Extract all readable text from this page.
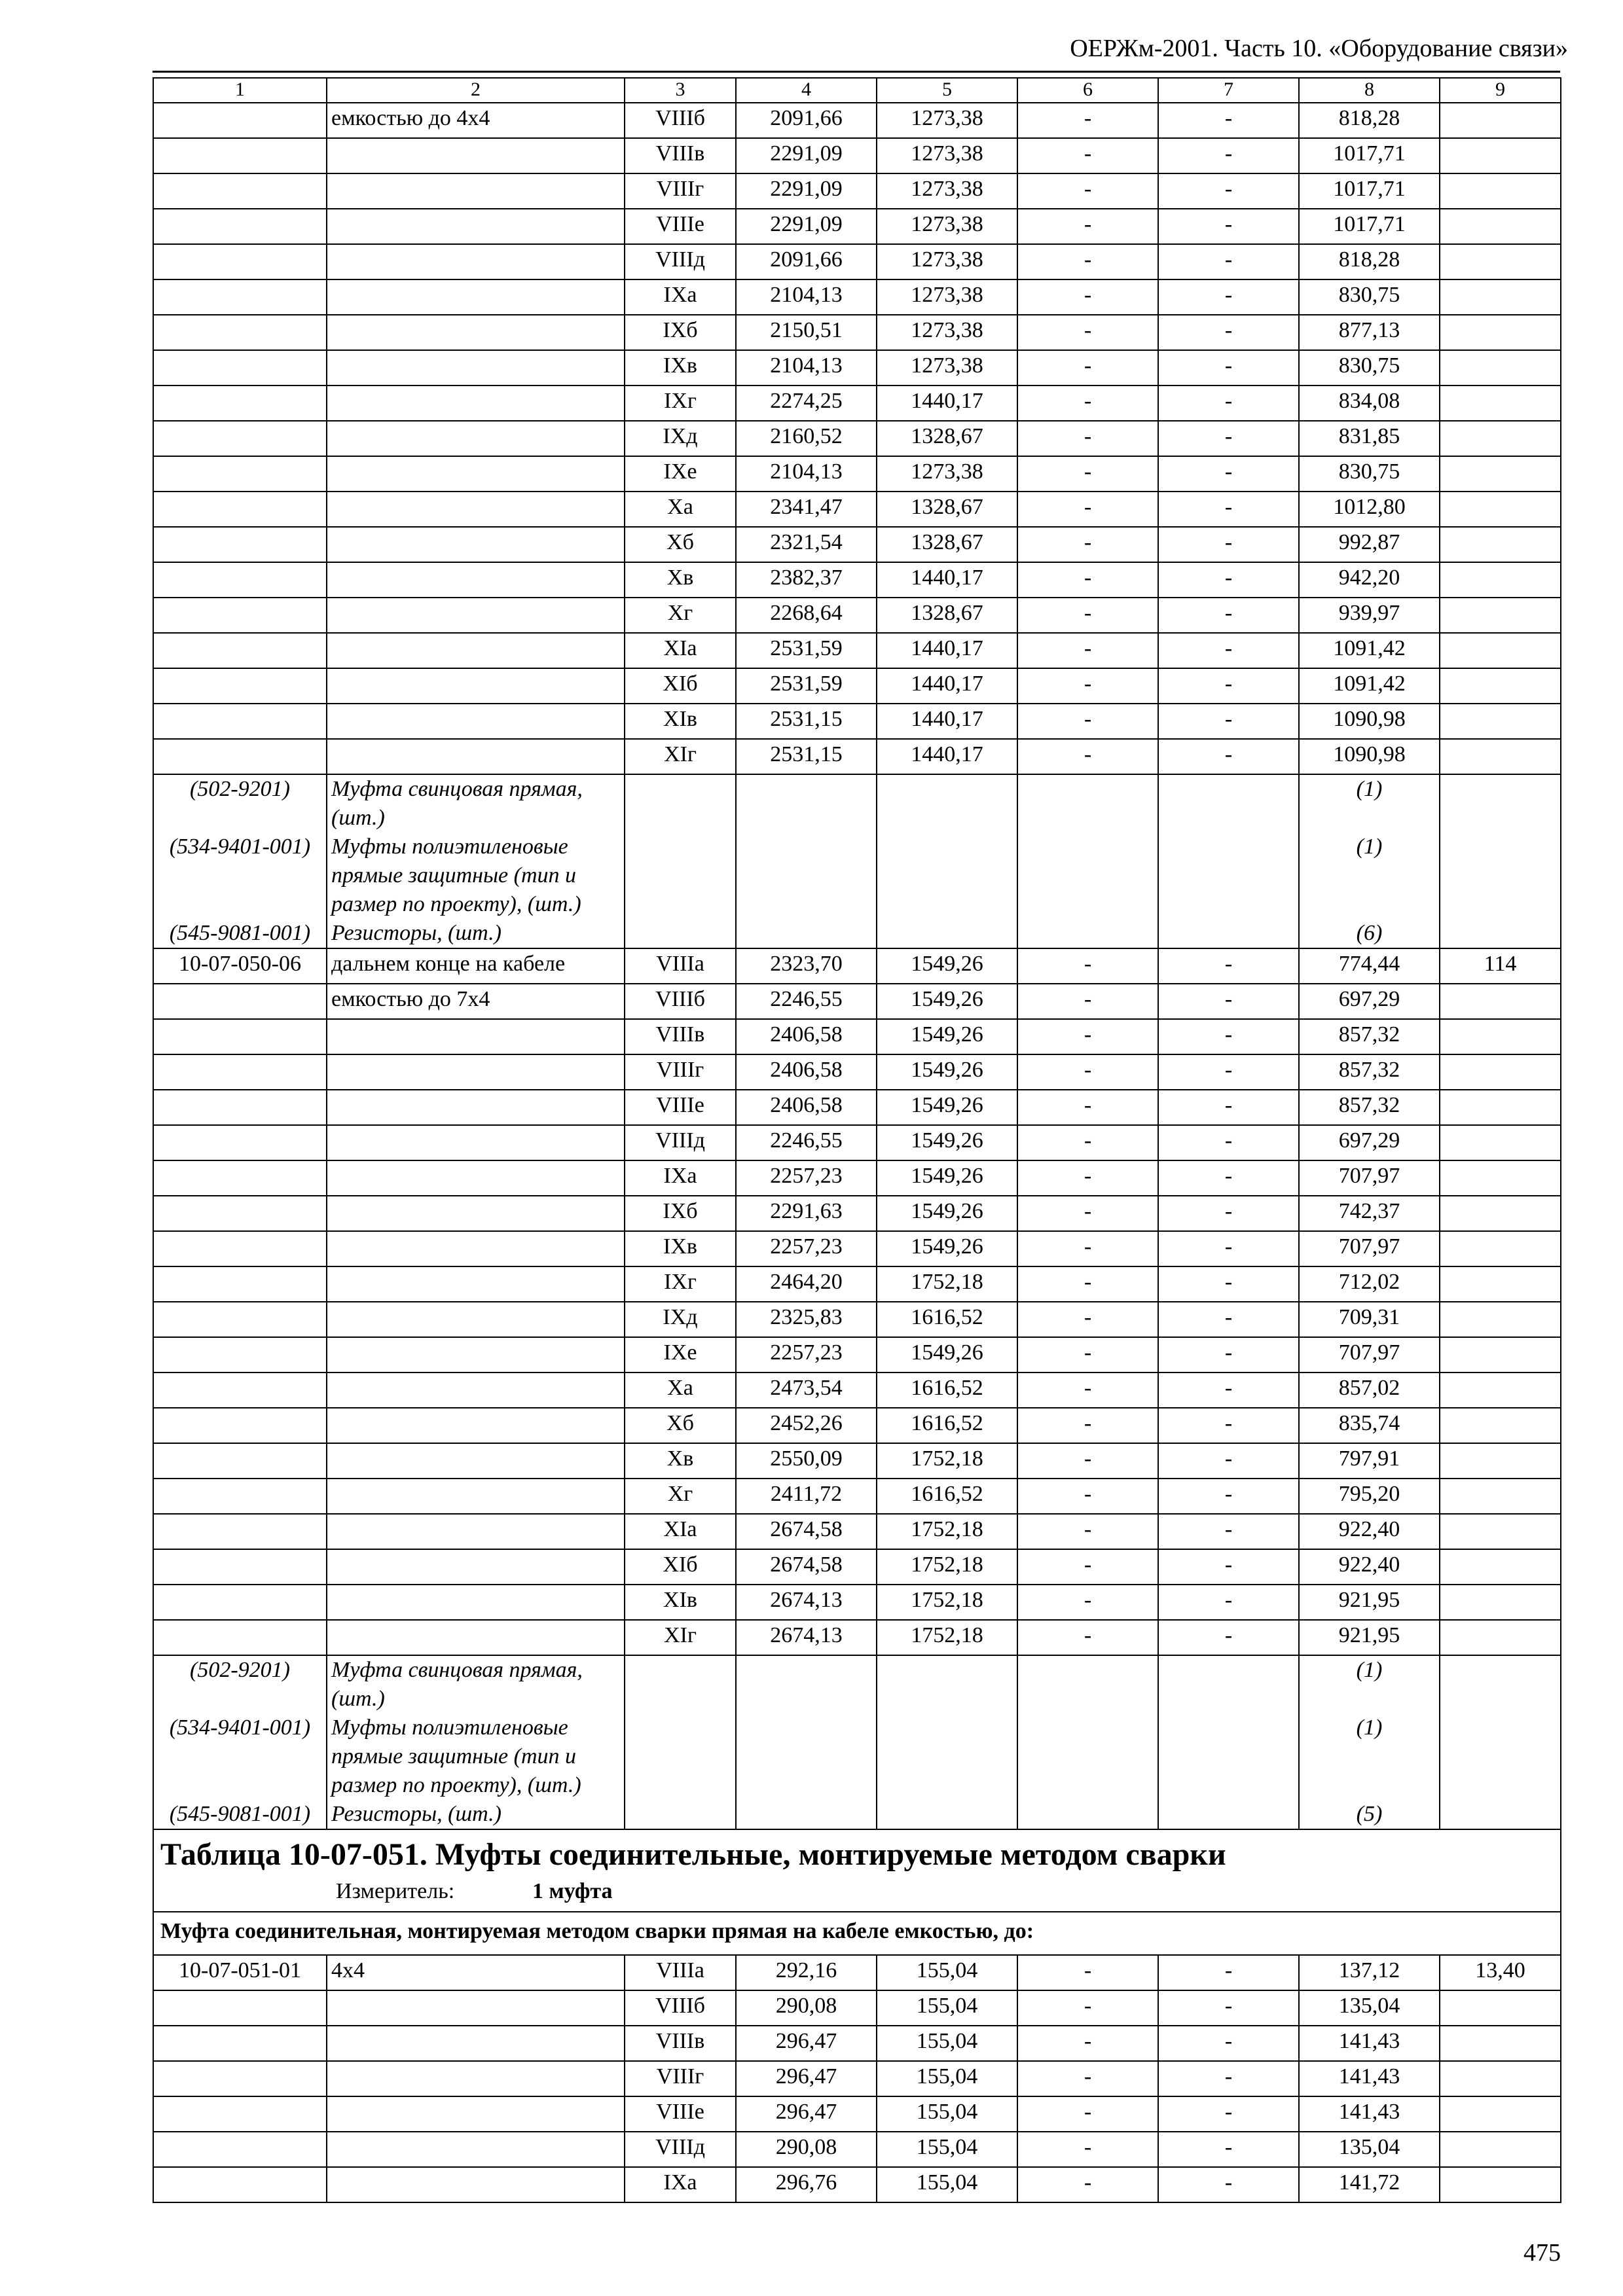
ОЕРЖм-2001. Часть 10. «Оборудование связи»
1	2	3	4	5	6	7	8	9
	емкостью до 4х4	VIIIб	2091,66	1273,38	-	-	818,28	
		VIIIв	2291,09	1273,38	-	-	1017,71	
		VIIIг	2291,09	1273,38	-	-	1017,71	
		VIIIе	2291,09	1273,38	-	-	1017,71	
		VIIIд	2091,66	1273,38	-	-	818,28	
		IXа	2104,13	1273,38	-	-	830,75	
		IXб	2150,51	1273,38	-	-	877,13	
		IXв	2104,13	1273,38	-	-	830,75	
		IXг	2274,25	1440,17	-	-	834,08	
		IXд	2160,52	1328,67	-	-	831,85	
		IXе	2104,13	1273,38	-	-	830,75	
		Xа	2341,47	1328,67	-	-	1012,80	
		Xб	2321,54	1328,67	-	-	992,87	
		Xв	2382,37	1440,17	-	-	942,20	
		Xг	2268,64	1328,67	-	-	939,97	
		XIа	2531,59	1440,17	-	-	1091,42	
		XIб	2531,59	1440,17	-	-	1091,42	
		XIв	2531,15	1440,17	-	-	1090,98	
		XIг	2531,15	1440,17	-	-	1090,98	
(502-9201)	Муфта свинцовая прямая, (шт.)						(1)	
(534-9401-001)	Муфты полиэтиленовые прямые защитные (тип и размер по проекту), (шт.)						(1)	
(545-9081-001)	Резисторы, (шт.)						(6)	
10-07-050-06	дальнем конце на кабеле	VIIIа	2323,70	1549,26	-	-	774,44	114
	емкостью до 7х4	VIIIб	2246,55	1549,26	-	-	697,29	
		VIIIв	2406,58	1549,26	-	-	857,32	
		VIIIг	2406,58	1549,26	-	-	857,32	
		VIIIе	2406,58	1549,26	-	-	857,32	
		VIIIд	2246,55	1549,26	-	-	697,29	
		IXа	2257,23	1549,26	-	-	707,97	
		IXб	2291,63	1549,26	-	-	742,37	
		IXв	2257,23	1549,26	-	-	707,97	
		IXг	2464,20	1752,18	-	-	712,02	
		IXд	2325,83	1616,52	-	-	709,31	
		IXе	2257,23	1549,26	-	-	707,97	
		Xа	2473,54	1616,52	-	-	857,02	
		Xб	2452,26	1616,52	-	-	835,74	
		Xв	2550,09	1752,18	-	-	797,91	
		Xг	2411,72	1616,52	-	-	795,20	
		XIа	2674,58	1752,18	-	-	922,40	
		XIб	2674,58	1752,18	-	-	922,40	
		XIв	2674,13	1752,18	-	-	921,95	
		XIг	2674,13	1752,18	-	-	921,95	
(502-9201)	Муфта свинцовая прямая, (шт.)						(1)	
(534-9401-001)	Муфты полиэтиленовые прямые защитные (тип и размер по проекту), (шт.)						(1)	
(545-9081-001)	Резисторы, (шт.)						(5)	

Таблица 10-07-051. Муфты соединительные, монтируемые методом сварки
Измеритель: 1 муфта								

Муфта соединительная, монтируемая методом сварки прямая на кабеле емкостью, до:								
10-07-051-01	4х4	VIIIа	292,16	155,04	-	-	137,12	13,40
		VIIIб	290,08	155,04	-	-	135,04	
		VIIIв	296,47	155,04	-	-	141,43	
		VIIIг	296,47	155,04	-	-	141,43	
		VIIIе	296,47	155,04	-	-	141,43	
		VIIIд	290,08	155,04	-	-	135,04	
		IXа	296,76	155,04	-	-	141,72	
475
